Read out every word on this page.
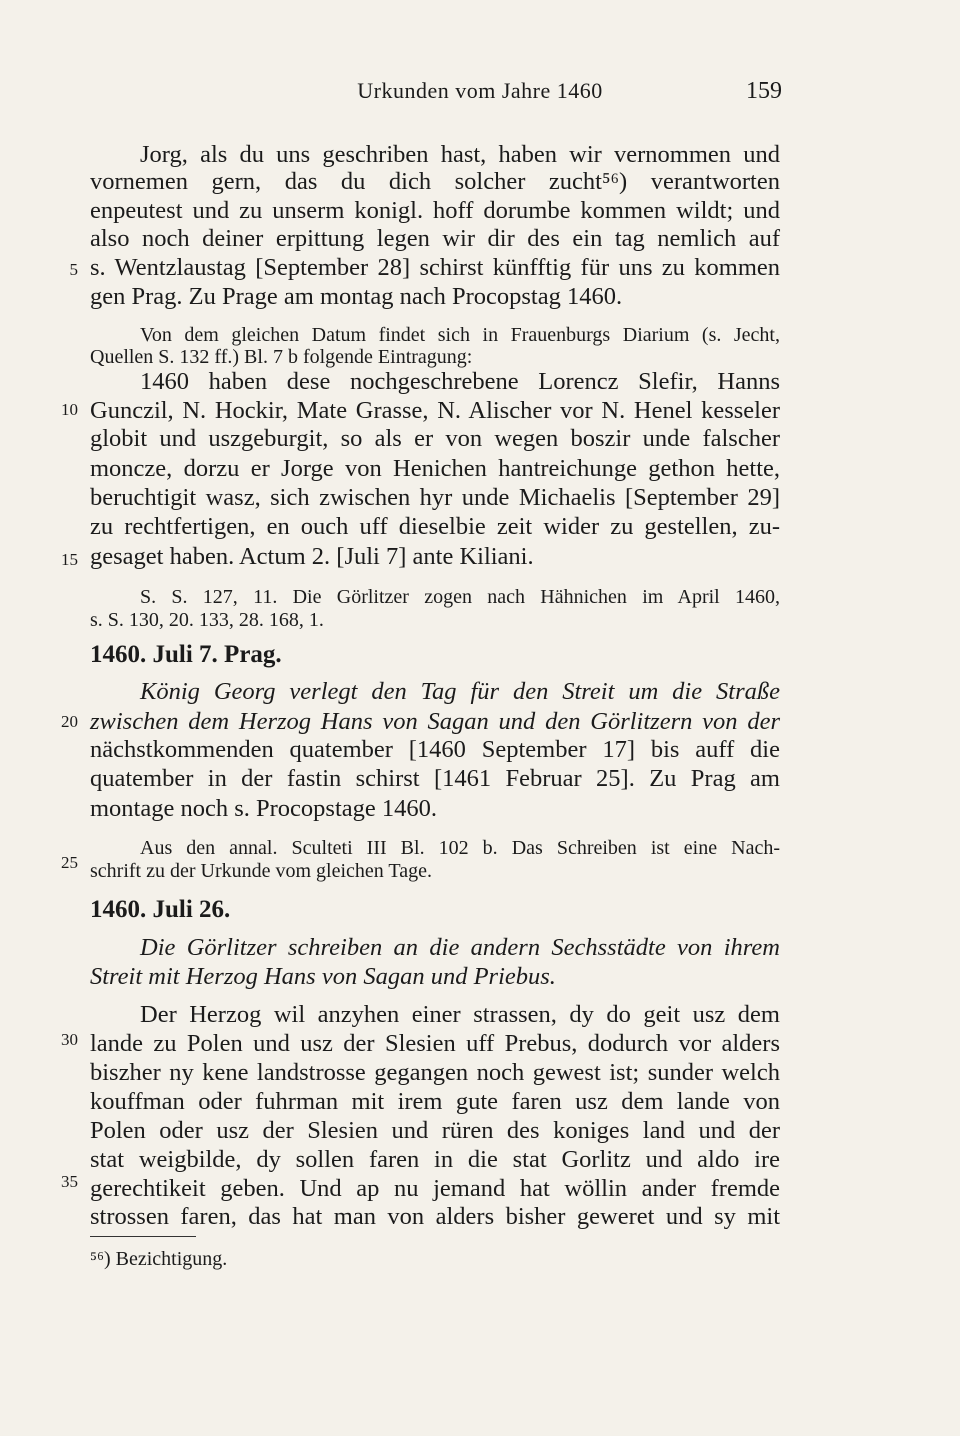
Urkunden vom Jahre 1460	159
Jorg, als du uns geschriben hast, haben wir vernommen und
vornemen gern, das du dich solcher zucht⁵⁶) verantworten
enpeutest und zu unserm konigl. hoff dorumbe kommen wildt; und
also noch deiner erpittung legen wir dir des ein tag nemlich auf
s. Wentzlaustag [September 28] schirst künfftig für uns zu kommen
gen Prag. Zu Prage am montag nach Procopstag 1460.
Von dem gleichen Datum findet sich in Frauenburgs Diarium (s. Jecht,
Quellen S. 132 ff.) Bl. 7 b folgende Eintragung:
1460 haben dese nochgeschrebene Lorencz Slefir, Hanns
Gunczil, N. Hockir, Mate Grasse, N. Alischer vor N. Henel kesseler
globit und uszgeburgit, so als er von wegen boszir unde falscher
moncze, dorzu er Jorge von Henichen hantreichunge gethon hette,
beruchtigit wasz, sich zwischen hyr unde Michaelis [September 29]
zu rechtfertigen, en ouch uff dieselbie zeit wider zu gestellen, zu-
gesaget haben. Actum 2. [Juli 7] ante Kiliani.
S. S. 127, 11. Die Görlitzer zogen nach Hähnichen im April 1460,
s. S. 130, 20. 133, 28. 168, 1.
1460. Juli 7. Prag.
König Georg verlegt den Tag für den Streit um die Straße
zwischen dem Herzog Hans von Sagan und den Görlitzern von der
nächstkommenden quatember [1460 September 17] bis auff die
quatember in der fastin schirst [1461 Februar 25]. Zu Prag am
montage noch s. Procopstage 1460.
Aus den annal. Sculteti III Bl. 102 b. Das Schreiben ist eine Nach-
schrift zu der Urkunde vom gleichen Tage.
1460. Juli 26.
Die Görlitzer schreiben an die andern Sechsstädte von ihrem
Streit mit Herzog Hans von Sagan und Priebus.
Der Herzog wil anzyhen einer strassen, dy do geit usz dem
lande zu Polen und usz der Slesien uff Prebus, dodurch vor alders
biszher ny kene landstrosse gegangen noch gewest ist; sunder welch
kouffman oder fuhrman mit irem gute faren usz dem lande von
Polen oder usz der Slesien und rüren des koniges land und der
stat weigbilde, dy sollen faren in die stat Gorlitz und aldo ire
gerechtikeit geben. Und ap nu jemand hat wöllin ander fremde
strossen faren, das hat man von alders bisher geweret und sy mit
5
10
15
20
25
30
35
⁵⁶) Bezichtigung.
